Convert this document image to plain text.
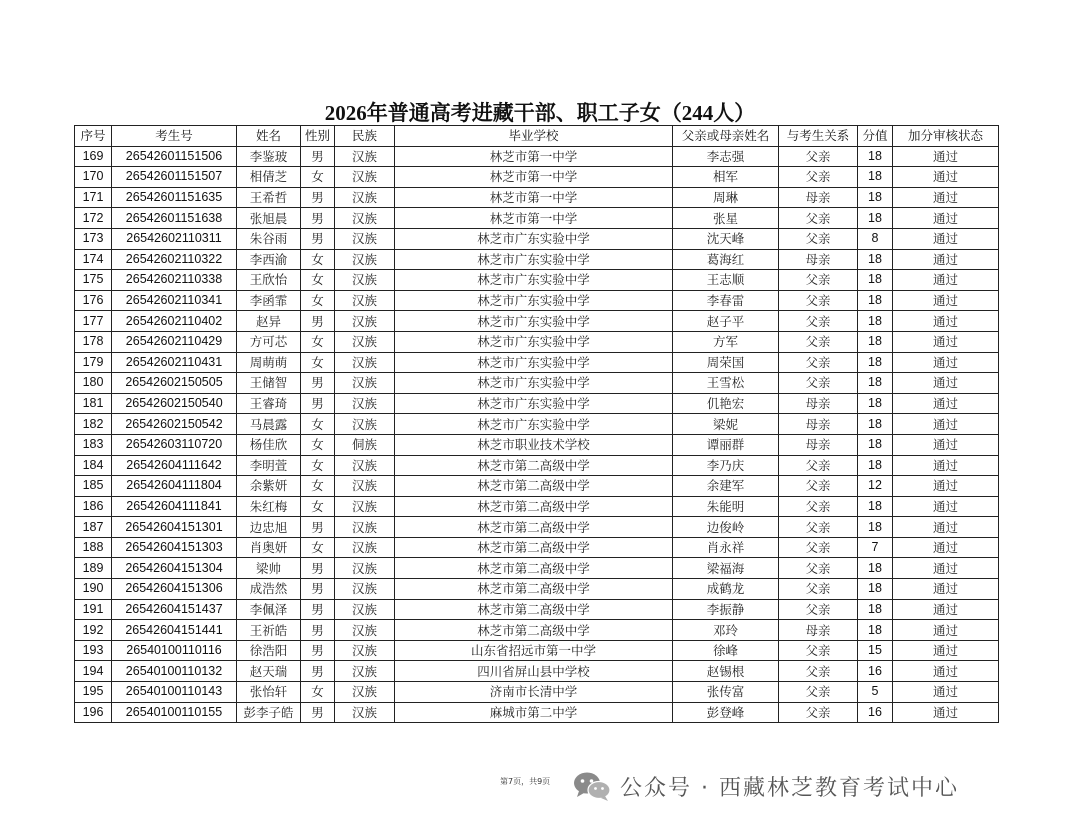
2026年普通高考进藏干部、职工子女（244人）
序号	考生号	姓名	性别	民族	毕业学校	父亲或母亲姓名	与考生关系	分值	加分审核状态
169	26542601151506	李鉴玻	男	汉族	林芝市第一中学	李志强	父亲	18	通过
170	26542601151507	相倩芝	女	汉族	林芝市第一中学	相军	父亲	18	通过
171	26542601151635	王希哲	男	汉族	林芝市第一中学	周琳	母亲	18	通过
172	26542601151638	张旭晨	男	汉族	林芝市第一中学	张星	父亲	18	通过
173	26542602110311	朱谷雨	男	汉族	林芝市广东实验中学	沈天峰	父亲	8	通过
174	26542602110322	李西渝	女	汉族	林芝市广东实验中学	葛海红	母亲	18	通过
175	26542602110338	王欣怡	女	汉族	林芝市广东实验中学	王志顺	父亲	18	通过
176	26542602110341	李函霏	女	汉族	林芝市广东实验中学	李春雷	父亲	18	通过
177	26542602110402	赵异	男	汉族	林芝市广东实验中学	赵子平	父亲	18	通过
178	26542602110429	方可芯	女	汉族	林芝市广东实验中学	方军	父亲	18	通过
179	26542602110431	周萌萌	女	汉族	林芝市广东实验中学	周荣国	父亲	18	通过
180	26542602150505	王储智	男	汉族	林芝市广东实验中学	王雪松	父亲	18	通过
181	26542602150540	王睿琦	男	汉族	林芝市广东实验中学	仉艳宏	母亲	18	通过
182	26542602150542	马晨露	女	汉族	林芝市广东实验中学	梁妮	母亲	18	通过
183	26542603110720	杨佳欣	女	侗族	林芝市职业技术学校	谭丽群	母亲	18	通过
184	26542604111642	李明萱	女	汉族	林芝市第二高级中学	李乃庆	父亲	18	通过
185	26542604111804	余紫妍	女	汉族	林芝市第二高级中学	余建军	父亲	12	通过
186	26542604111841	朱红梅	女	汉族	林芝市第二高级中学	朱能明	父亲	18	通过
187	26542604151301	边忠旭	男	汉族	林芝市第二高级中学	边俊岭	父亲	18	通过
188	26542604151303	肖奥妍	女	汉族	林芝市第二高级中学	肖永祥	父亲	7	通过
189	26542604151304	梁帅	男	汉族	林芝市第二高级中学	梁福海	父亲	18	通过
190	26542604151306	成浩然	男	汉族	林芝市第二高级中学	成鹤龙	父亲	18	通过
191	26542604151437	李佩泽	男	汉族	林芝市第二高级中学	李振静	父亲	18	通过
192	26542604151441	王祈皓	男	汉族	林芝市第二高级中学	邓玲	母亲	18	通过
193	26540100110116	徐浩阳	男	汉族	山东省招远市第一中学	徐峰	父亲	15	通过
194	26540100110132	赵天瑞	男	汉族	四川省屏山县中学校	赵锡根	父亲	16	通过
195	26540100110143	张怡轩	女	汉族	济南市长清中学	张传富	父亲	5	通过
196	26540100110155	彭李子皓	男	汉族	麻城市第二中学	彭登峰	父亲	16	通过
第7页，共9页	公众号 · 西藏林芝教育考试中心
